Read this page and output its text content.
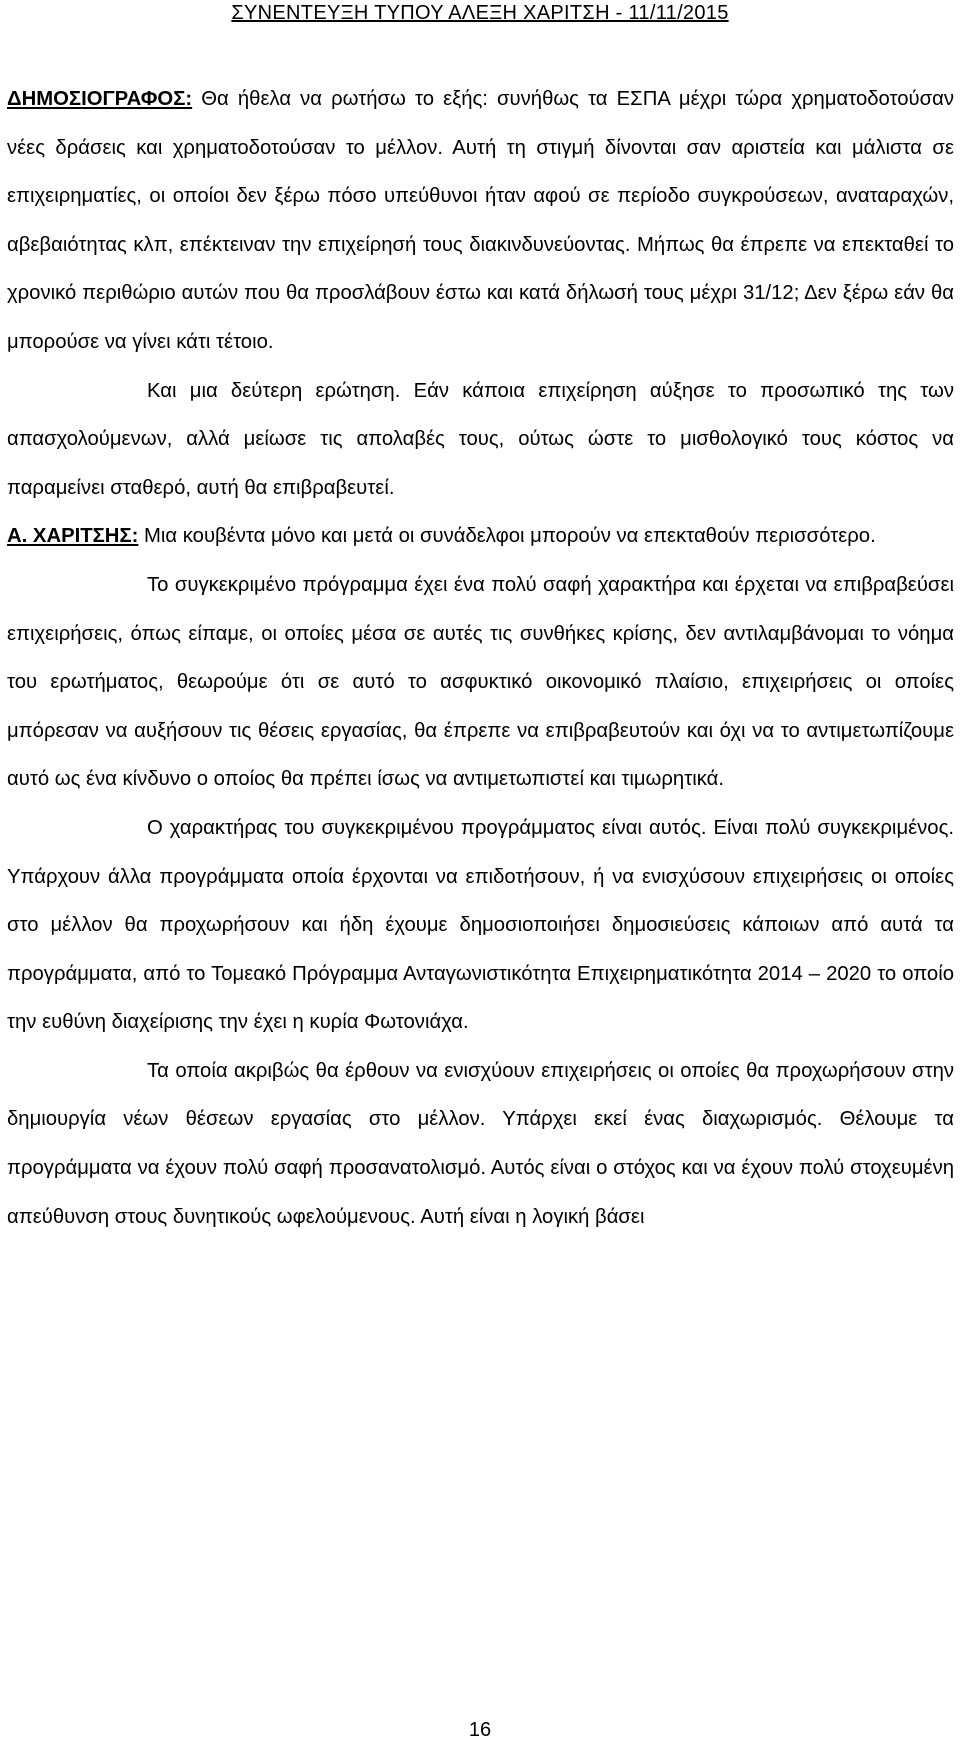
ΣΥΝΕΝΤΕΥΞΗ ΤΥΠΟΥ ΑΛΕΞΗ ΧΑΡΙΤΣΗ - 11/11/2015

ΔΗΜΟΣΙΟΓΡΑΦΟΣ: Θα ήθελα να ρωτήσω το εξής: συνήθως τα ΕΣΠΑ μέχρι τώρα χρηματοδοτούσαν νέες δράσεις και χρηματοδοτούσαν το μέλλον. Αυτή τη στιγμή δίνονται σαν αριστεία και μάλιστα σε επιχειρηματίες, οι οποίοι δεν ξέρω πόσο υπεύθυνοι ήταν αφού σε περίοδο συγκρούσεων, αναταραχών, αβεβαιότητας κλπ, επέκτειναν την επιχείρησή τους διακινδυνεύοντας. Μήπως θα έπρεπε να επεκταθεί το χρονικό περιθώριο αυτών που θα προσλάβουν έστω και κατά δήλωσή τους μέχρι 31/12; Δεν ξέρω εάν θα μπορούσε να γίνει κάτι τέτοιο.

Και μια δεύτερη ερώτηση. Εάν κάποια επιχείρηση αύξησε το προσωπικό της των απασχολούμενων, αλλά μείωσε τις απολαβές τους, ούτως ώστε το μισθολογικό τους κόστος να παραμείνει σταθερό, αυτή θα επιβραβευτεί.

Α. ΧΑΡΙΤΣΗΣ: Μια κουβέντα μόνο και μετά οι συνάδελφοι μπορούν να επεκταθούν περισσότερο.

Το συγκεκριμένο πρόγραμμα έχει ένα πολύ σαφή χαρακτήρα και έρχεται να επιβραβεύσει επιχειρήσεις, όπως είπαμε, οι οποίες μέσα σε αυτές τις συνθήκες κρίσης, δεν αντιλαμβάνομαι το νόημα του ερωτήματος, θεωρούμε ότι σε αυτό το ασφυκτικό οικονομικό πλαίσιο, επιχειρήσεις οι οποίες μπόρεσαν να αυξήσουν τις θέσεις εργασίας, θα έπρεπε να επιβραβευτούν και όχι να το αντιμετωπίζουμε αυτό ως ένα κίνδυνο ο οποίος θα πρέπει ίσως να αντιμετωπιστεί και τιμωρητικά.

Ο χαρακτήρας του συγκεκριμένου προγράμματος είναι αυτός. Είναι πολύ συγκεκριμένος. Υπάρχουν άλλα προγράμματα οποία έρχονται να επιδοτήσουν, ή να ενισχύσουν επιχειρήσεις οι οποίες στο μέλλον θα προχωρήσουν και ήδη έχουμε δημοσιοποιήσει δημοσιεύσεις κάποιων από αυτά τα προγράμματα, από το Τομεακό Πρόγραμμα Ανταγωνιστικότητα Επιχειρηματικότητα 2014 – 2020 το οποίο την ευθύνη διαχείρισης την έχει η κυρία Φωτονιάχα.

Τα οποία ακριβώς θα έρθουν να ενισχύουν επιχειρήσεις οι οποίες θα προχωρήσουν στην δημιουργία νέων θέσεων εργασίας στο μέλλον. Υπάρχει εκεί ένας διαχωρισμός. Θέλουμε τα προγράμματα να έχουν πολύ σαφή προσανατολισμό. Αυτός είναι ο στόχος και να έχουν πολύ στοχευμένη απεύθυνση στους δυνητικούς ωφελούμενους. Αυτή είναι η λογική βάσει

16
